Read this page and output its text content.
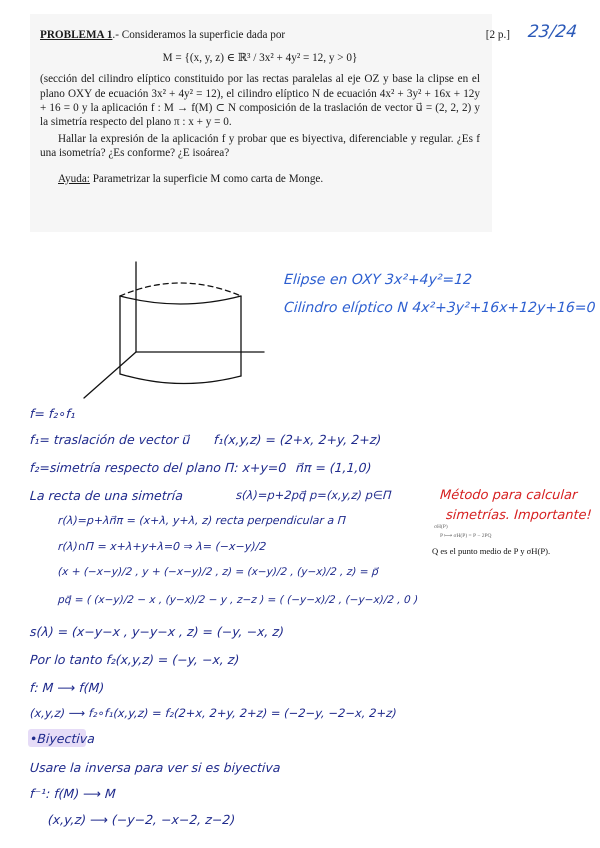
PROBLEMA 1.- Consideramos la superficie dada por	[2 p.]
M = {(x, y, z) ∈ ℝ³ / 3x² + 4y² = 12, y > 0}

(sección del cilindro elíptico constituido por las rectas paralelas al eje OZ y base la clipse en el plano OXY de ecuación 3x² + 4y² = 12), el cilindro elíptico N de ecuación 4x² + 3y² + 16x + 12y + 16 = 0 y la aplicación f : M → f(M) ⊂ N composición de la traslación de vector u⃗ = (2, 2, 2) y la simetría respecto del plano π : x + y = 0.

Hallar la expresión de la aplicación f y probar que es biyectiva, diferenciable y regular. ¿Es f una isometría? ¿Es conforme? ¿E isoárea?

Ayuda: Parametrizar la superficie M como carta de Monge.

23/24
Elipse en OXY 3x²+4y²=12
Cilindro elíptico N 4x²+3y²+16x+12y+16=0
f= f₂∘f₁
f₁= traslación de vector u⃗ f₁(x,y,z) = (2+x, 2+y, 2+z)
f₂=simetría respecto del plano Π: x+y=0 n⃗π = (1,1,0)
La recta de una simetría	s(λ)=p+2pq⃗ p=(x,y,z) p∈Π
r(λ)=p+λn⃗π = (x+λ, y+λ, z) recta perpendicular a Π
r(λ)∩Π = x+λ+y+λ=0 ⇒ λ= (−x−y)/2
(x + (−x−y)/2 , y + (−x−y)/2 , z) = (x−y)/2 , (y−x)/2 , z) = p⃗
pq⃗ = ( (x−y)/2 − x , (y−x)/2 − y , z−z ) = ( (−y−x)/2 , (−y−x)/2 , 0 )
s(λ) = (x−y−x , y−y−x , z) = (−y, −x, z)
Por lo tanto f₂(x,y,z) = (−y, −x, z)
f: M ⟶ f(M)
(x,y,z) ⟶ f₂∘f₁(x,y,z) = f₂(2+x, 2+y, 2+z) = (−2−y, −2−x, 2+z)
•Biyectiva
Usare la inversa para ver si es biyectiva
f⁻¹: f(M) ⟶ M
(x,y,z) ⟶ (−y−2, −x−2, z−2)
Método para calcular
simetrías. Importante!
σH(P)
P ⟼ σH(P) = P − 2PQ
Q es el punto medio de P y σH(P).
